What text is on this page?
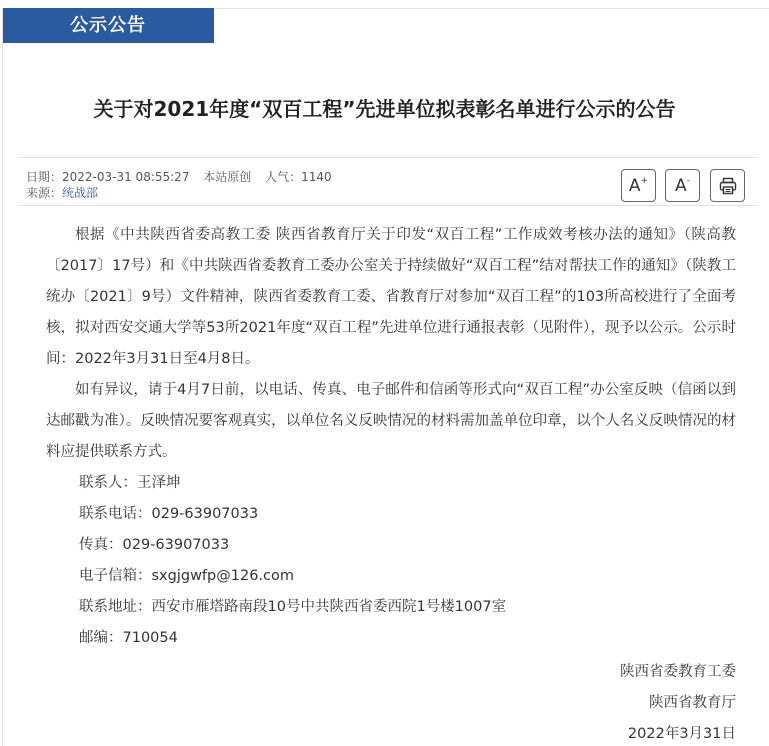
公示公告
关于对2021年度“双百工程”先进单位拟表彰名单进行公示的公告
日期：2022-03-31 08:55:27 本站原创 人气：1140
来源：统战部	A+ A-

根据《中共陕西省委高教工委 陕西省教育厅关于印发“双百工程”工作成效考核办法的通知》（陕高教〔2017〕17号）和《中共陕西省委教育工委办公室关于持续做好“双百工程”结对帮扶工作的通知》（陕教工统办〔2021〕9号）文件精神，陕西省委教育工委、省教育厅对参加“双百工程”的103所高校进行了全面考核，拟对西安交通大学等53所2021年度“双百工程”先进单位进行通报表彰（见附件），现予以公示。公示时间：2022年3月31日至4月8日。

如有异议，请于4月7日前，以电话、传真、电子邮件和信函等形式向“双百工程”办公室反映（信函以到达邮戳为准）。反映情况要客观真实，以单位名义反映情况的材料需加盖单位印章，以个人名义反映情况的材料应提供联系方式。

联系人：王泽坤

联系电话：029-63907033

传真：029-63907033

电子信箱：sxgjgwfp@126.com

联系地址：西安市雁塔路南段10号中共陕西省委西院1号楼1007室

邮编：710054

陕西省委教育工委
陕西省教育厅
2022年3月31日
